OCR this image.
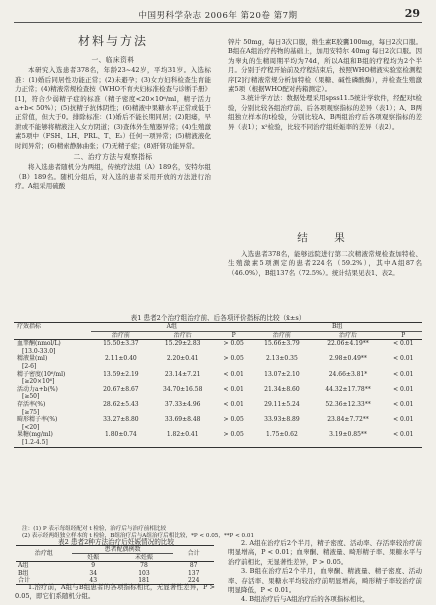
中国男科学杂志 2006年 第20卷 第7期	29
材料与方法
一、临床资料

本研究入选患者378名，年龄23~42岁，平均31岁。入选标准：(1)婚后同居性功能正常；(2)未避孕；(3)女方妇科检查生育能力正常；(4)精液常规检查按《WHO不育夫妇标准检查与诊断手册》[1]，符合少弱精子症的标准（精子密度<20×10⁶/ml，精子活力a+b< 50%）；(5)抗精子抗体阴性；(6)精液中果糖水平正常或低于正常值，但大于0。排除标准：(1)婚后不能长期同居；(2)阳痿，早泄或不能够将精液注入女方阴道；(3)查体外生殖器异常；(4)生殖激素5项中（FSH、LH、PRL、T、E₂）任何一项异常；(5)精液液化时间异常；(6)精索静脉曲张；(7)无精子症；(8)肝肾功能异常。

二、治疗方法与观察指标

将入选患者随机分为两组，传统疗法组（A）189名，安特尔组（B）189名。随机分组后，对入选的患者采用开放的方法进行治疗。A组采用硫酸

锌片 50mg，每日3次口服，维生素E胶囊100mg，每日2次口服。B组在A组治疗药物的基础上，加用安特尔 40mg 每日2次口服。因为睾丸的生精周期平均为74d，所以A组和B组的疗程均为2个半月。分别于疗程开始前及疗程结束后，按照WHO精液实验室检测程序[2]行精液常规分析加特检（果糖、碱性磷酸酶），并检查生殖激素5项（根据WHO配对药箱测定）。

3.统计学方法：数据处理采用spss11.5统计学软件，经配对t检验，分别比较各组治疗前、后各项观察指标的差异（表1）；A、B两组独立样本的t检验，分别比较A、B两组治疗后各项观察指标的差异（表1）；x²检验，比较不同治疗组妊娠率的差异（表2）。

结　果

入选患者378名，能够远院进行第二次精液常规检查加特检、生殖激素5项测定的患者224名（59.2%），其中A组87名（46.0%），B组137名（72.5%）。统计结果见表1、表2。

表1 患者2个治疗组治疗前、后各项评价指标的比较（x̄±s）
疗效指标	A组			B组		
	治疗前	治疗后	P	治疗前	治疗后	P
血睾酮(nmol/L)	15.50±3.37	15.29±2.83	> 0.05	15.66±3.79	22.06±4.19**	< 0.01
[13.0-33.0]						
精液量(ml)	2.11±0.40	2.20±0.41	> 0.05	2.13±0.35	2.98±0.49**	< 0.01
[2-6]						
精子密度(10⁶/ml)	13.59±2.19	23.14±7.21	< 0.01	13.07±2.10	24.66±3.81*	< 0.01
[≥20×10⁶]						
活动力a+b(%)	20.67±8.67	34.70±16.58	< 0.01	21.34±8.60	44.32±17.78**	< 0.01
[≥50]						
存活率(%)	28.62±5.43	37.33±4.96	< 0.01	29.11±5.24	52.36±12.33**	< 0.01
[≥75]						
畸形精子率(%)	33.27±8.80	33.69±8.48	> 0.05	33.93±8.89	23.84±7.72**	< 0.01
[<20]						
果糖(mg/ml)	1.80±0.74	1.82±0.41	> 0.05	1.75±0.62	3.19±0.85**	< 0.01
[1.2-4.5]						
注：(1) P 表示每组经配对 t 检验，治疗后与治疗前相比较
(2) 表示经两组独立样本的 t 检验，B组治疗后与A组治疗后相比较，*P < 0.05，**P < 0.01
表2 患者2种方法治疗后妊娠情况的比较
治疗组	患者配偶例数		合计
	妊娠	未妊娠	
A组	9	78	87
B组	34	103	137
合计	43	181	224

1.治疗前，A组与B组患者的各项指标相比，无显著性差异，P > 0.05，即它们系随机分组。

2. A组在治疗后2个半月，精子密度、活动率、存活率较治疗前明显增高，P < 0.01；血睾酮、精液量、畸形精子率、果糖水平与治疗前相比，无显著性差异，P > 0.05。

3. B组在治疗后2个半月，血睾酮、精液量、精子密度、活动率、存活率、果糖水平均较治疗前明显增高，畸形精子率较治疗前明显降低，P < 0.01。

4. B组治疗后与A组治疗后的各项指标相比，
